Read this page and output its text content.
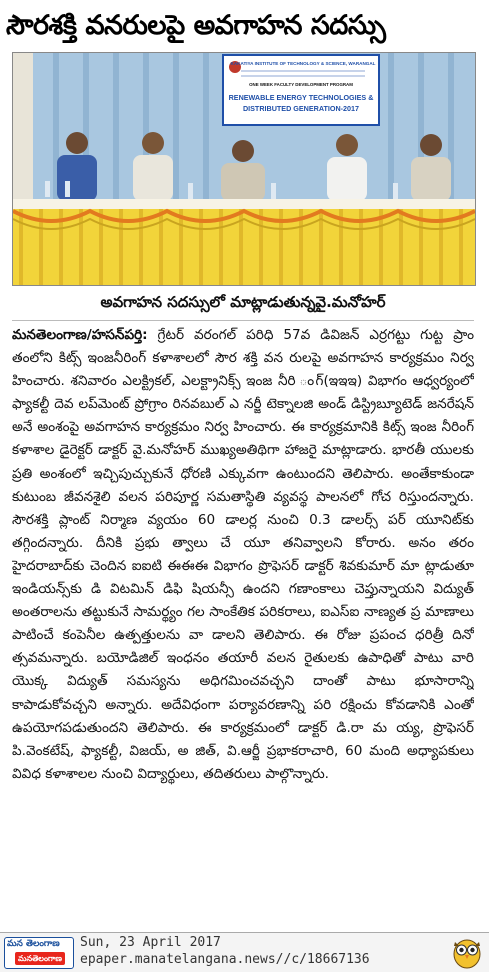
సౌరశక్తి వనరులపై అవగాహన సదస్సు
KAKATIYA INSTITUTE OF TECHNOLOGY & SCIENCE, WARANGAL
ONE WEEK FACULTY DEVELOPMENT PROGRAM
RENEWABLE ENERGY TECHNOLOGIES &
DISTRIBUTED GENERATION-2017
అవగాహన సదస్సులో మాట్లాడుతున్నవై.మనోహర్

మనతెలంగాణ/హసన్‌పర్తి: గ్రేటర్ వరంగల్ పరిధి 57వ డివిజన్ ఎర్రగట్టు గుట్ట ప్రాం తంలోని కిట్స్ ఇంజనీరింగ్ కళాశాలలో సౌర శక్తి వన రులపై అవగాహన కార్యక్రమం నిర్వ హించారు. శనివారం ఎలక్ట్రికల్, ఎలక్ట్రానిక్స్ ఇంజ నీరి ంగ్(ఇఇఇ) విభాగం ఆధ్వర్యంలో ఫ్యాకల్టీ దెవ లప్‌మెంట్ ప్రోగ్రాం రినవబుల్ ఎ నర్జీ టెక్నాలజి అండ్ డిస్ట్రిబ్యూటెడ్ జనరేషన్ అనే అంశంపై అవగాహన కార్యక్రమం నిర్వ హించారు. ఈ కార్యక్రమానికి కిట్స్ ఇంజ నీరింగ్ కళాశాల డైరెక్టర్ డాక్టర్ వై.మనోహర్ ముఖ్యఅతిథిగా హాజరై మాట్లాడారు. భారతీ యులకు ప్రతి అంశంలో ఇచ్చిపుచ్చుకునే ధోరణి ఎక్కువగా ఉంటుందని తెలిపారు. అంతేకాకుండా కుటుంబ జీవనశైలి వలన పరిపూర్ణ సమతాస్థితి వ్యవస్థ పాలనలో గోచ రిస్తుందన్నారు. సౌరశక్తి ప్లాంట్ నిర్మాణ వ్యయం 60 డాలర్ల నుంచి 0.3 డాలర్స్ పర్ యూనిట్‌కు తగ్గిందన్నారు. దీనికి ప్రభు త్వాలు చే యూ తనివ్వాలని కోరారు. అనం తరం హైదరాబాద్‌కు చెందిన ఐఐటి ఈఈఈ విభాగం ప్రొఫెసర్ డాక్టర్ శివకుమార్ మా ట్లాడుతూ ఇండియన్స్‌కు డి విటమిన్ డిఫి షియన్సీ ఉందని గణాంకాలు చెప్తున్నాయని విద్యుత్ అంతరాలను తట్టుకునే సామర్థ్యం గల సాంకేతిక పరికరాలు, ఐఎస్‌ఐ నాణ్యత ప్ర మాణాలు పాటించే కంపెనీల ఉత్పత్తులను వా డాలని తెలిపారు. ఈ రోజు ప్రపంచ ధరిత్రీ దినో త్సవమన్నారు. బయోడిజిల్ ఇంధనం తయారీ వలన రైతులకు ఉపాధితో పాటు వారి యొక్క విద్యుత్ సమస్యను అధిగమించవచ్చని దాంతో పాటు భూసారాన్ని కాపాడుకోవచ్చని అన్నారు. అదేవిధంగా పర్యావరణాన్ని పరి రక్షించు కోవడానికి ఎంతో ఉపయోగపడుతుందని తెలిపారు. ఈ కార్యక్రమంలో డాక్టర్ డి.రా మ య్య, ప్రొఫెసర్ పి.వెంకటేష్, ఫ్యాకల్టీ, విజయ్, అ జిత్, వి.ఆర్జీ ప్రభాకరాచారి, 60 మంది అధ్యాపకులు వివిధ కళాశాలల నుంచి విద్యార్థులు, తదితరులు పాల్గొన్నారు.

మన తెలంగాణ
మనతెలంగాణ
Sun, 23 April 2017
epaper.manatelangana.news//c/18667136
